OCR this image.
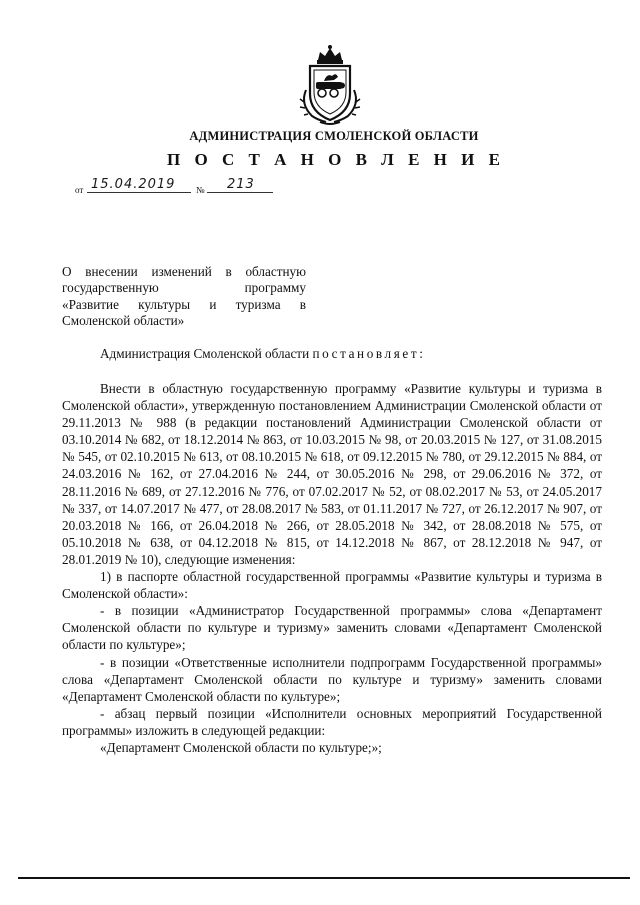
АДМИНИСТРАЦИЯ СМОЛЕНСКОЙ ОБЛАСТИ
П О С Т А Н О В Л Е Н И Е
от 15.04.2019 № 213
О внесении изменений в областную
государственную программу
«Развитие культуры и туризма в
Смоленской области»
Администрация Смоленской области постановляет:

Внести в областную государственную программу «Развитие культуры и туризма в Смоленской области», утвержденную постановлением Администрации Смоленской области от 29.11.2013 № 988 (в редакции постановлений Администрации Смоленской области от 03.10.2014 № 682, от 18.12.2014 № 863, от 10.03.2015 № 98, от 20.03.2015 № 127, от 31.08.2015 № 545, от 02.10.2015 № 613, от 08.10.2015 № 618, от 09.12.2015 № 780, от 29.12.2015 № 884, от 24.03.2016 № 162, от 27.04.2016 № 244, от 30.05.2016 № 298, от 29.06.2016 № 372, от 28.11.2016 № 689, от 27.12.2016 № 776, от 07.02.2017 № 52, от 08.02.2017 № 53, от 24.05.2017 № 337, от 14.07.2017 № 477, от 28.08.2017 № 583, от 01.11.2017 № 727, от 26.12.2017 № 907, от 20.03.2018 № 166, от 26.04.2018 № 266, от 28.05.2018 № 342, от 28.08.2018 № 575, от 05.10.2018 № 638, от 04.12.2018 № 815, от 14.12.2018 № 867, от 28.12.2018 № 947, от 28.01.2019 № 10), следующие изменения:

1) в паспорте областной государственной программы «Развитие культуры и туризма в Смоленской области»:

- в позиции «Администратор Государственной программы» слова «Департамент Смоленской области по культуре и туризму» заменить словами «Департамент Смоленской области по культуре»;

- в позиции «Ответственные исполнители подпрограмм Государственной программы» слова «Департамент Смоленской области по культуре и туризму» заменить словами «Департамент Смоленской области по культуре»;

- абзац первый позиции «Исполнители основных мероприятий Государственной программы» изложить в следующей редакции:

«Департамент Смоленской области по культуре;»;
